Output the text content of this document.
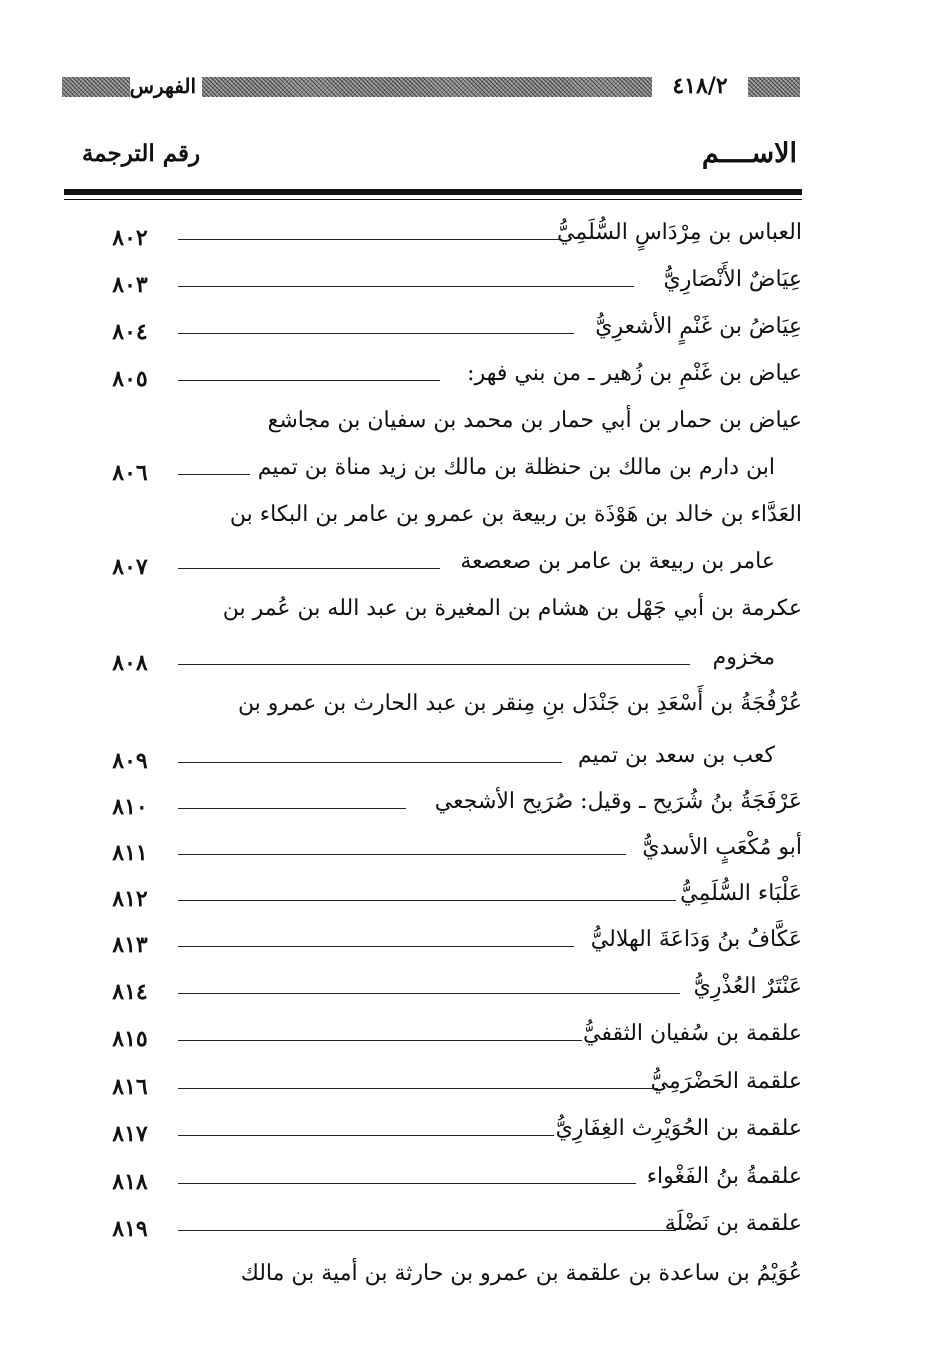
٤١٨/٢
الفهرس
الاســــم
رقم الترجمة
العباس بن مِرْدَاسٍ السُّلَمِيُّ
٨٠٢
عِيَاضٌ الأَنْصَارِيُّ
٨٠٣
عِيَاضُ بن غَنْمٍ الأشعرِيُّ
٨٠٤
عياض بن غَنْمِ بن زُهير ـ من بني فهر:
٨٠٥
عياض بن حمار بن أبي حمار بن محمد بن سفيان بن مجاشع
ابن دارم بن مالك بن حنظلة بن مالك بن زيد مناة بن تميم
٨٠٦
العَدَّاء بن خالد بن هَوْذَة بن ربيعة بن عمرو بن عامر بن البكاء بن
عامر بن ربيعة بن عامر بن صعصعة
٨٠٧
عكرمة بن أبي جَهْل بن هشام بن المغيرة بن عبد الله بن عُمر بن
مخزوم
٨٠٨
عُرْفُجَةُ بن أَسْعَدِ بن جَنْدَل بنِ مِنقر بن عبد الحارث بن عمرو بن
كعب بن سعد بن تميم
٨٠٩
عَرْفَجَةُ بنُ شُرَيح ـ وقيل: صُرَيح الأشجعي
٨١٠
أبو مُكْعَبٍ الأسديُّ
٨١١
عَلْبَاء السُّلَمِيُّ
٨١٢
عَكَّافُ بنُ وَدَاعَةَ الهلاليُّ
٨١٣
عَنْتَرٌ العُذْرِيُّ
٨١٤
علقمة بن سُفيان الثقفيُّ
٨١٥
علقمة الحَضْرَمِيُّ
٨١٦
علقمة بن الحُوَيْرِث الغِفَارِيُّ
٨١٧
علقمةُ بنُ الفَغْواء
٨١٨
علقمة بن نَضْلَة
٨١٩
عُوَيْمُ بن ساعدة بن علقمة بن عمرو بن حارثة بن أمية بن مالك
